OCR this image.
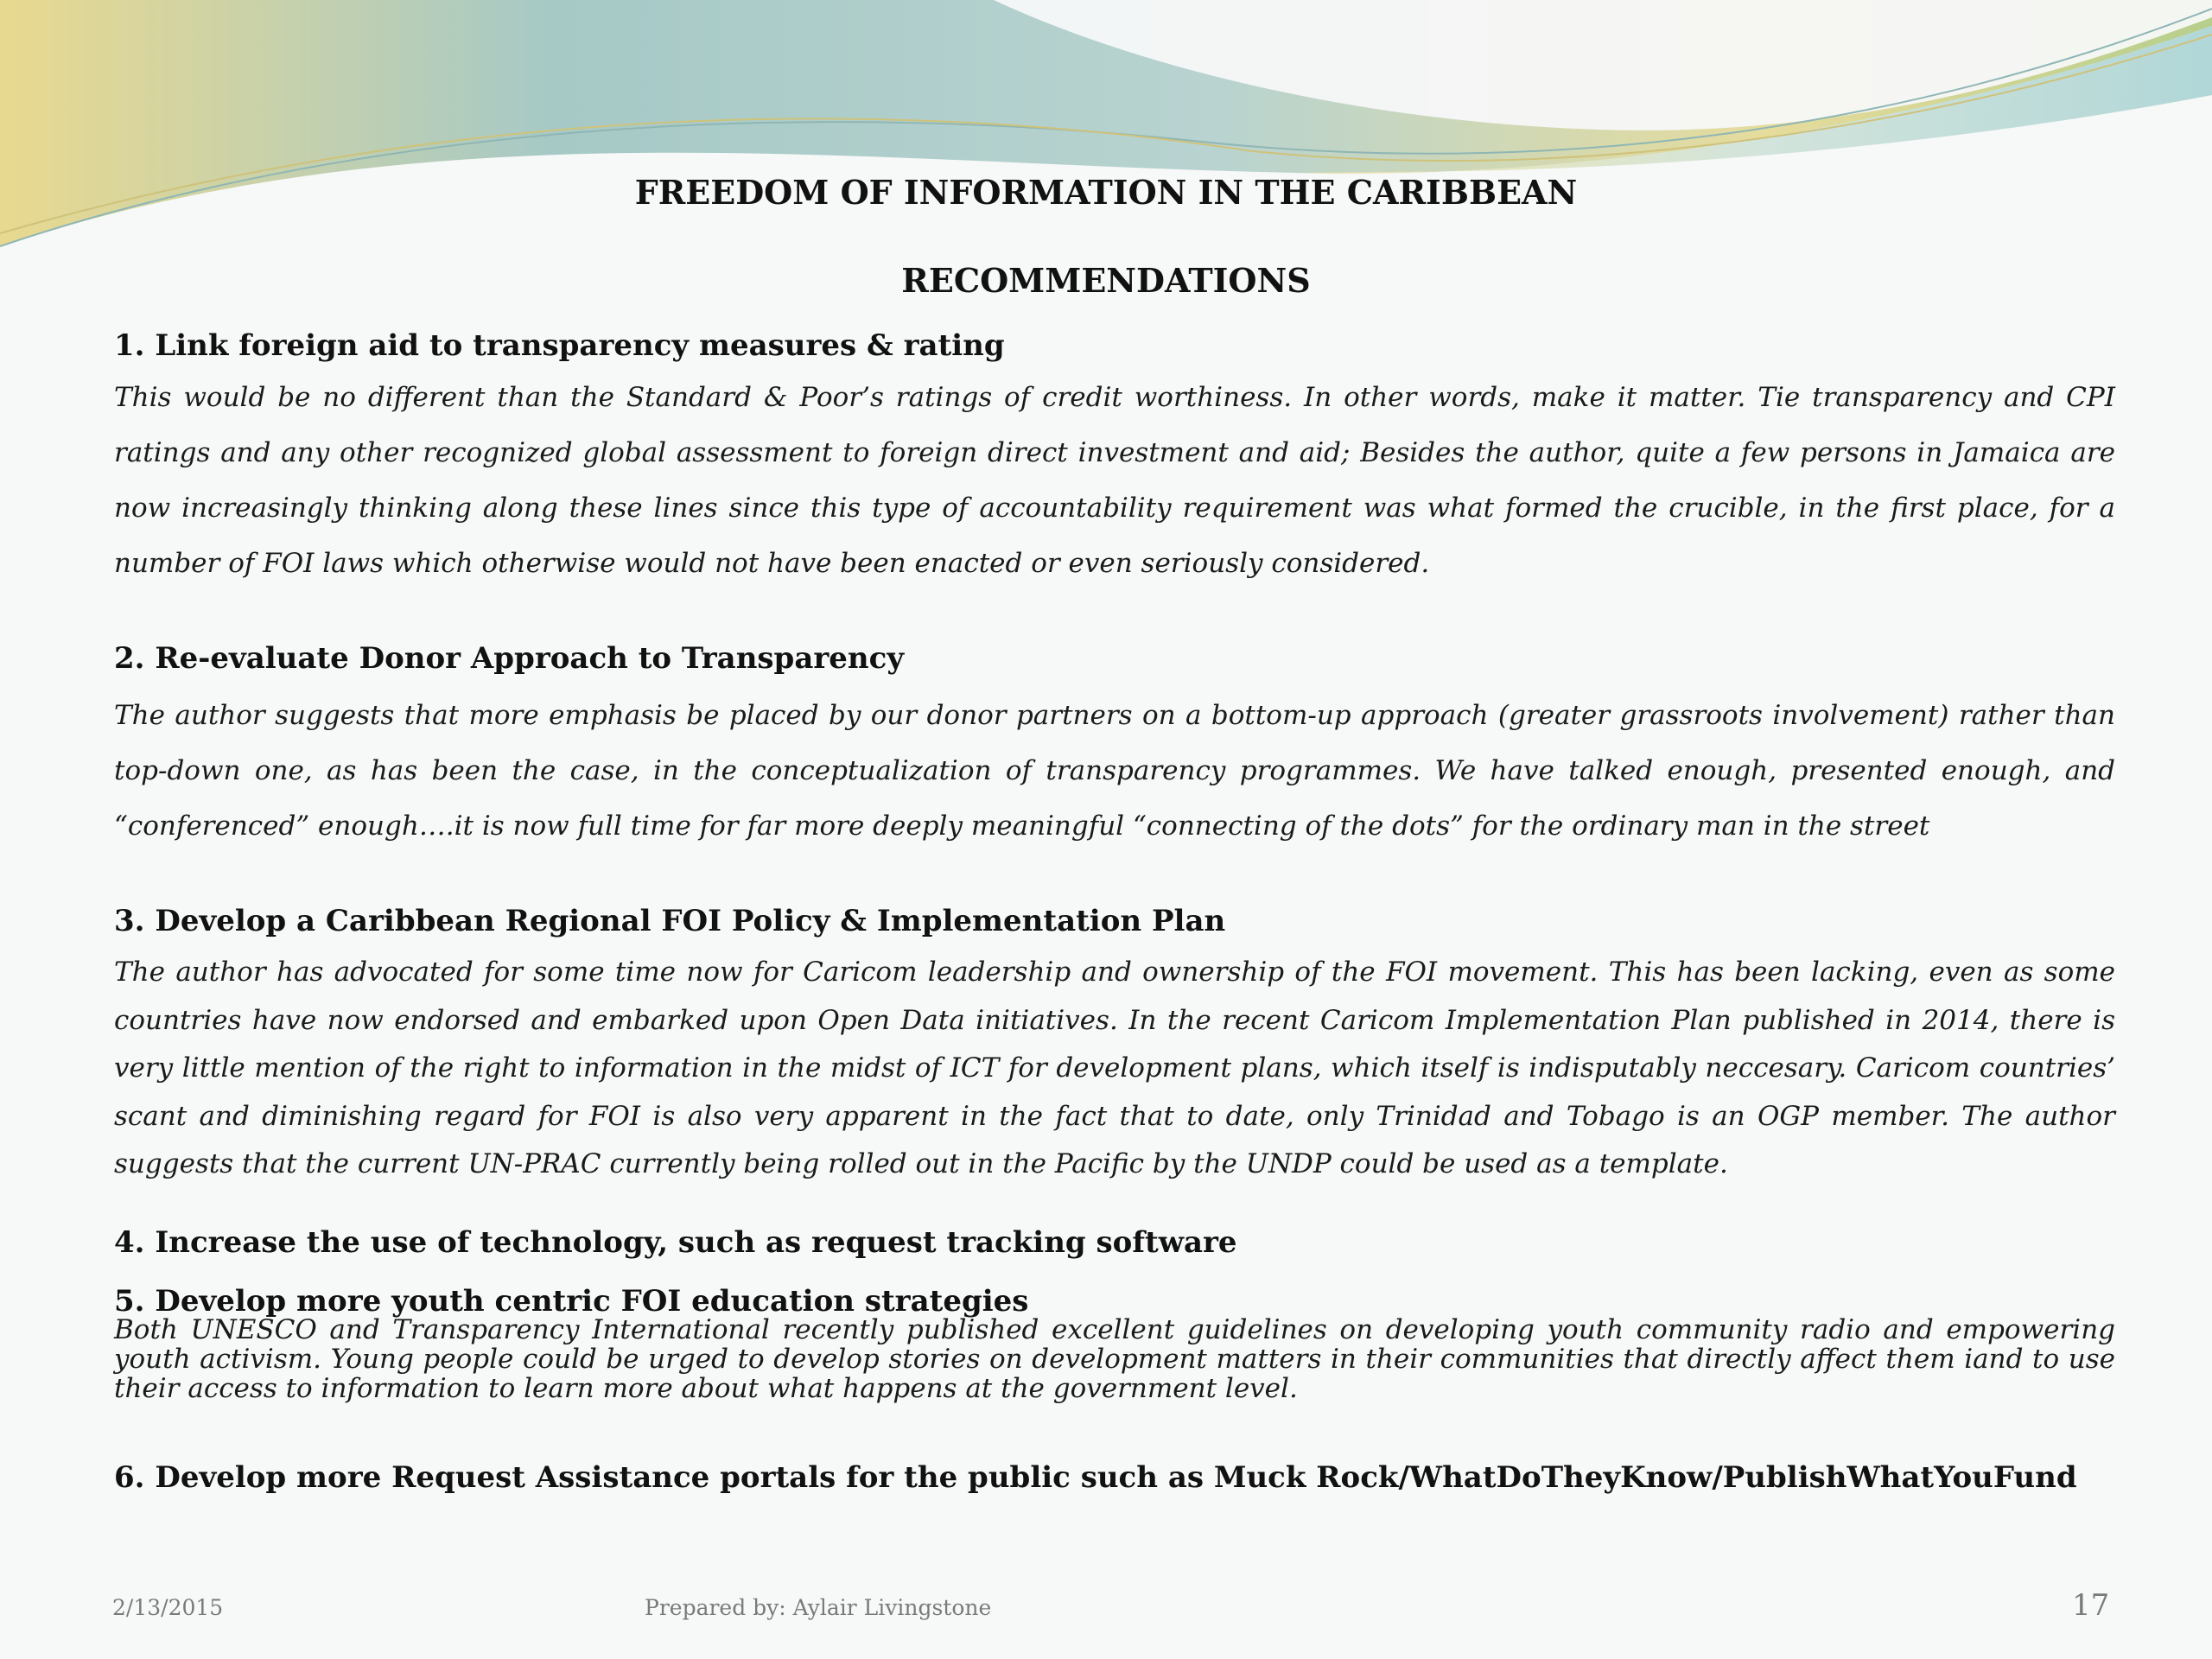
FREEDOM OF INFORMATION IN THE CARIBBEAN
RECOMMENDATIONS
1. Link foreign aid to transparency measures & rating

This would be no different than the Standard & Poor’s ratings of credit worthiness. In other words, make it matter. Tie transparency and CPI ratings and any other recognized global assessment to foreign direct investment and aid; Besides the author, quite a few persons in Jamaica are now increasingly thinking along these lines since this type of accountability requirement was what formed the crucible, in the first place, for a number of FOI laws which otherwise would not have been enacted or even seriously considered.

2. Re-evaluate Donor Approach to Transparency

The author suggests that more emphasis be placed by our donor partners on a bottom-up approach (greater grassroots involvement) rather than top-down one, as has been the case, in the conceptualization of transparency programmes. We have talked enough, presented enough, and “conferenced” enough….it is now full time for far more deeply meaningful “connecting of the dots” for the ordinary man in the street

3. Develop a Caribbean Regional FOI Policy & Implementation Plan

The author has advocated for some time now for Caricom leadership and ownership of the FOI movement. This has been lacking, even as some countries have now endorsed and embarked upon Open Data initiatives. In the recent Caricom Implementation Plan published in 2014, there is very little mention of the right to information in the midst of ICT for development plans, which itself is indisputably neccesary. Caricom countries’ scant and diminishing regard for FOI is also very apparent in the fact that to date, only Trinidad and Tobago is an OGP member. The author suggests that the current UN-PRAC currently being rolled out in the Pacific by the UNDP could be used as a template.

4. Increase the use of technology, such as request tracking software
5. Develop more youth centric FOI education strategies

Both UNESCO and Transparency International recently published excellent guidelines on developing youth community radio and empowering youth activism. Young people could be urged to develop stories on development matters in their communities that directly affect them iand to use their access to information to learn more about what happens at the government level.

6. Develop more Request Assistance portals for the public such as Muck Rock/WhatDoTheyKnow/PublishWhatYouFund

2/13/2015	Prepared by: Aylair Livingstone	17
